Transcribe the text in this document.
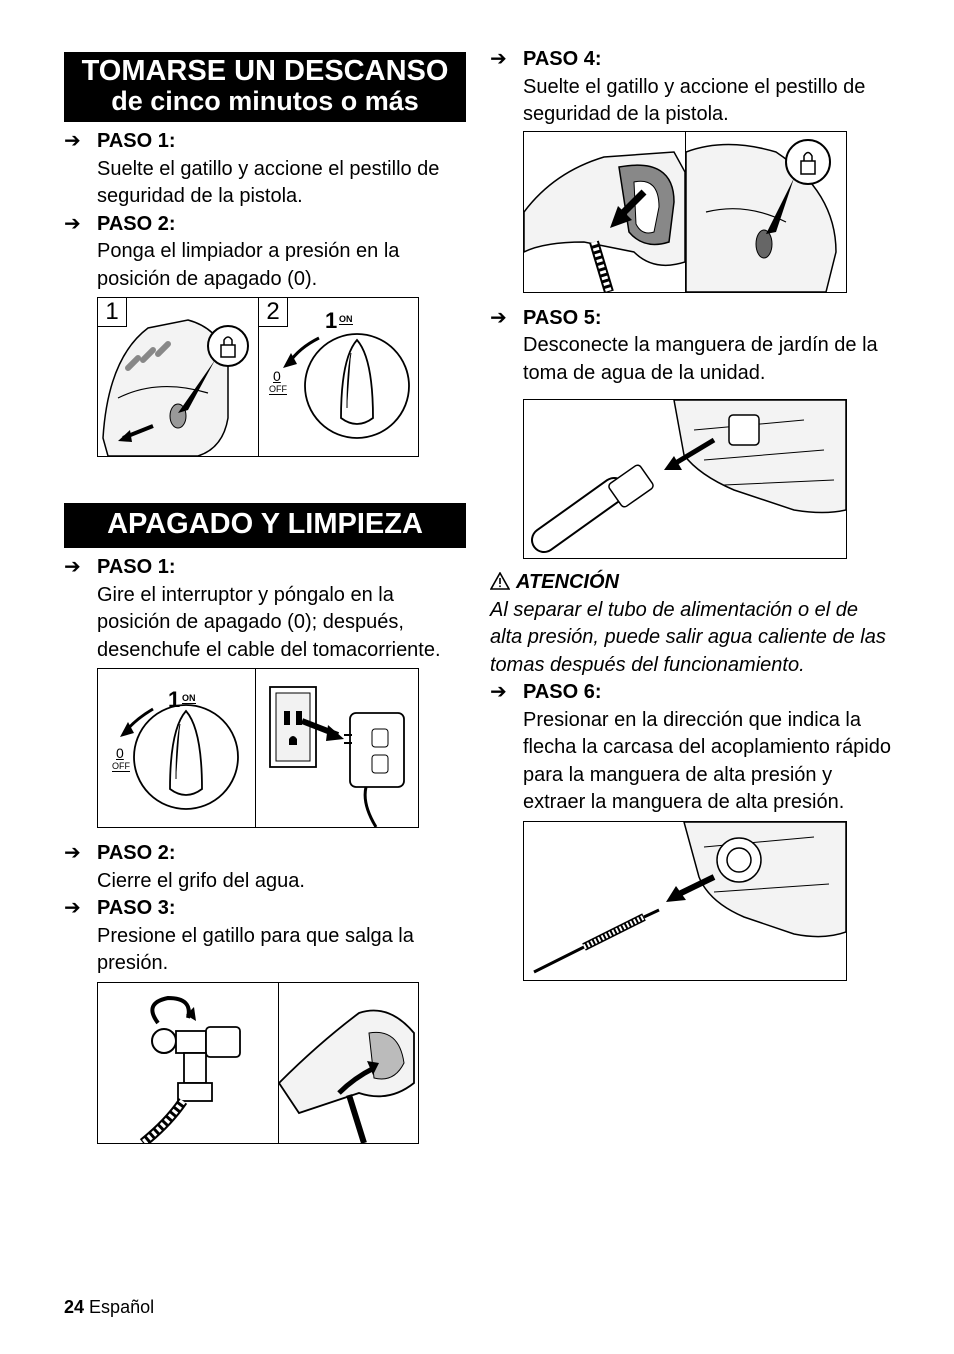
TOMARSE UN DESCANSO
de cinco minutos o más
➔ PASO 1:
Suelte el gatillo y accione el pestillo de seguridad de la pistola.
➔ PASO 2:
Ponga el limpiador a presión en la posición de apagado (0).
1	2	1 ON
0
OFF
APAGADO Y LIMPIEZA
➔ PASO 1:
Gire el interruptor y póngalo en la posición de apagado (0); después, desenchufe el cable del tomacorriente.
1 ON
0
OFF
➔ PASO 2:
Cierre el grifo del agua.
➔ PASO 3:
Presione el gatillo para que salga la presión.
➔ PASO 4:
Suelte el gatillo y accione el pestillo de seguridad de la pistola.
➔ PASO 5:
Desconecte la manguera de jardín de la toma de agua de la unidad.
ATENCIÓN
Al separar el tubo de alimentación o el de alta presión, puede salir agua caliente de las tomas después del funcionamiento.
➔ PASO 6:
Presionar en la dirección que indica la flecha la carcasa del acoplamiento rápido para la manguera de alta presión y extraer la manguera de alta presión.
24 Español
